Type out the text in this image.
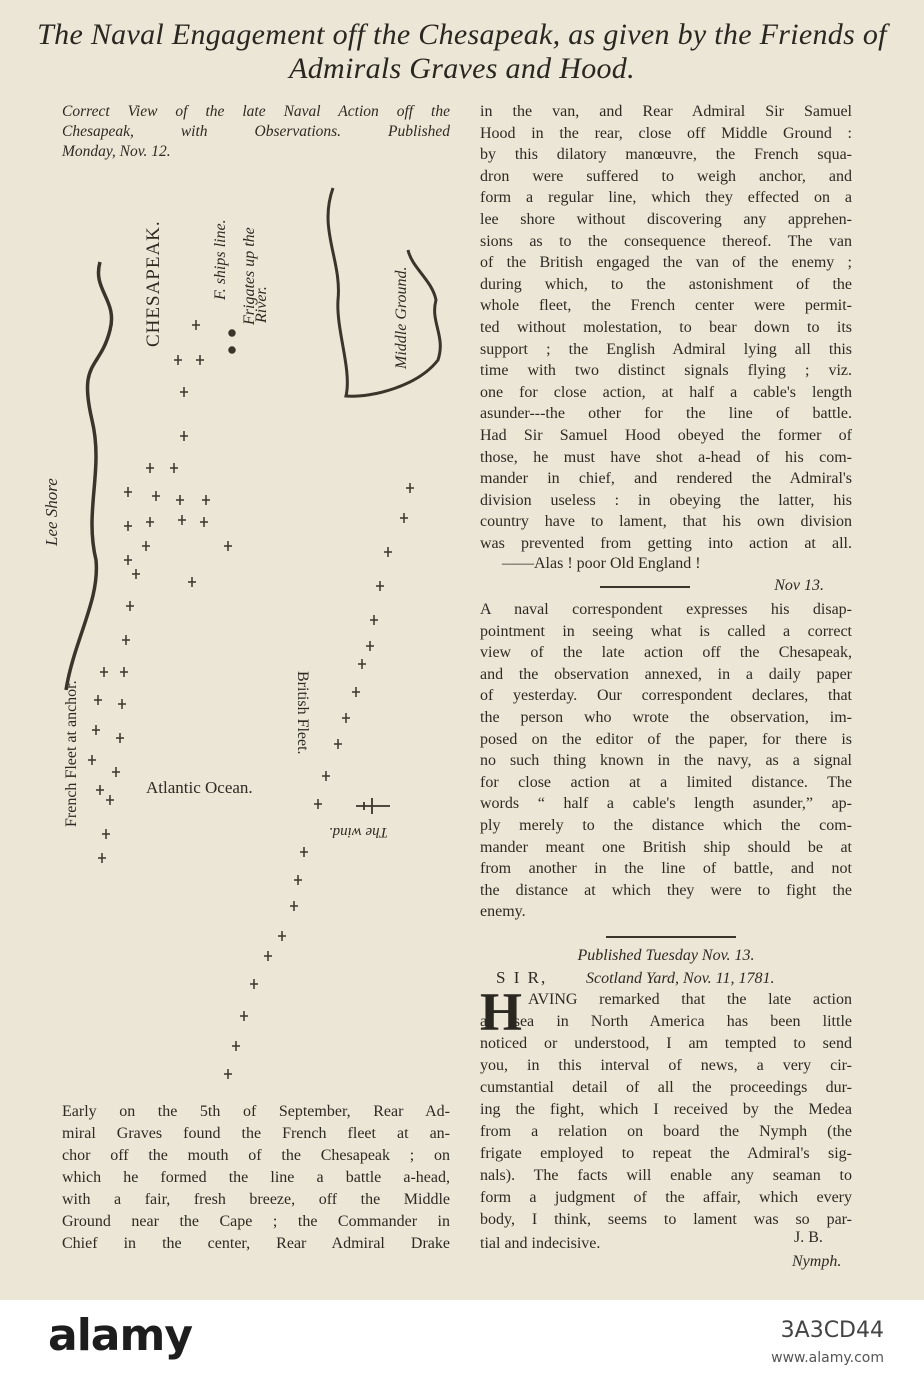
The Naval Engagement off the Chesapeak, as given by the Friends of
Admirals Graves and Hood.
Correct View of the late Naval Action off the
Chesapeak, with Observations. Published
Monday, Nov. 12.
CHESAPEAK.	F. ships line. Frigates up the
River.	Middle Ground.
Lee Shore
French Fleet at anchor.	British Fleet.
Atlantic Ocean.
The wind.
Early on the 5th of September, Rear Ad-
miral Graves found the French fleet at an-
chor off the mouth of the Chesapeak ; on
which he formed the line a battle a-head,
with a fair, fresh breeze, off the Middle
Ground near the Cape ; the Commander in
Chief in the center, Rear Admiral Drake
in the van, and Rear Admiral Sir Samuel
Hood in the rear, close off Middle Ground :
by this dilatory manœuvre, the French squa-
dron were suffered to weigh anchor, and
form a regular line, which they effected on a
lee shore without discovering any apprehen-
sions as to the consequence thereof. The van
of the British engaged the van of the enemy ;
during which, to the astonishment of the
whole fleet, the French center were permit-
ted without molestation, to bear down to its
support ; the English Admiral lying all this
time with two distinct signals flying ; viz.
one for close action, at half a cable's length
asunder---the other for the line of battle.
Had Sir Samuel Hood obeyed the former of
those, he must have shot a-head of his com-
mander in chief, and rendered the Admiral's
division useless : in obeying the latter, his
country have to lament, that his own division
was prevented from getting into action at all.
——Alas ! poor Old England !
Nov 13.
A naval correspondent expresses his disap-
pointment in seeing what is called a correct
view of the late action off the Chesapeak,
and the observation annexed, in a daily paper
of yesterday. Our correspondent declares, that
the person who wrote the observation, im-
posed on the editor of the paper, for there is
no such thing known in the navy, as a signal
for close action at a limited distance. The
words “ half a cable's length asunder,” ap-
ply merely to the distance which the com-
mander meant one British ship should be at
from another in the line of battle, and not
the distance at which they were to fight the
enemy.
Published Tuesday Nov. 13.
S I R, Scotland Yard, Nov. 11, 1781.
H AVING remarked that the late action
at sea in North America has been little
noticed or understood, I am tempted to send
you, in this interval of news, a very cir-
cumstantial detail of all the proceedings dur-
ing the fight, which I received by the Medea
from a relation on board the Nymph (the
frigate employed to repeat the Admiral's sig-
nals). The facts will enable any seaman to
form a judgment of the affair, which every
body, I think, seems to lament was so par-
tial and indecisive.	J. B.
Nymph.
alamy	3A3CD44
www.alamy.com
